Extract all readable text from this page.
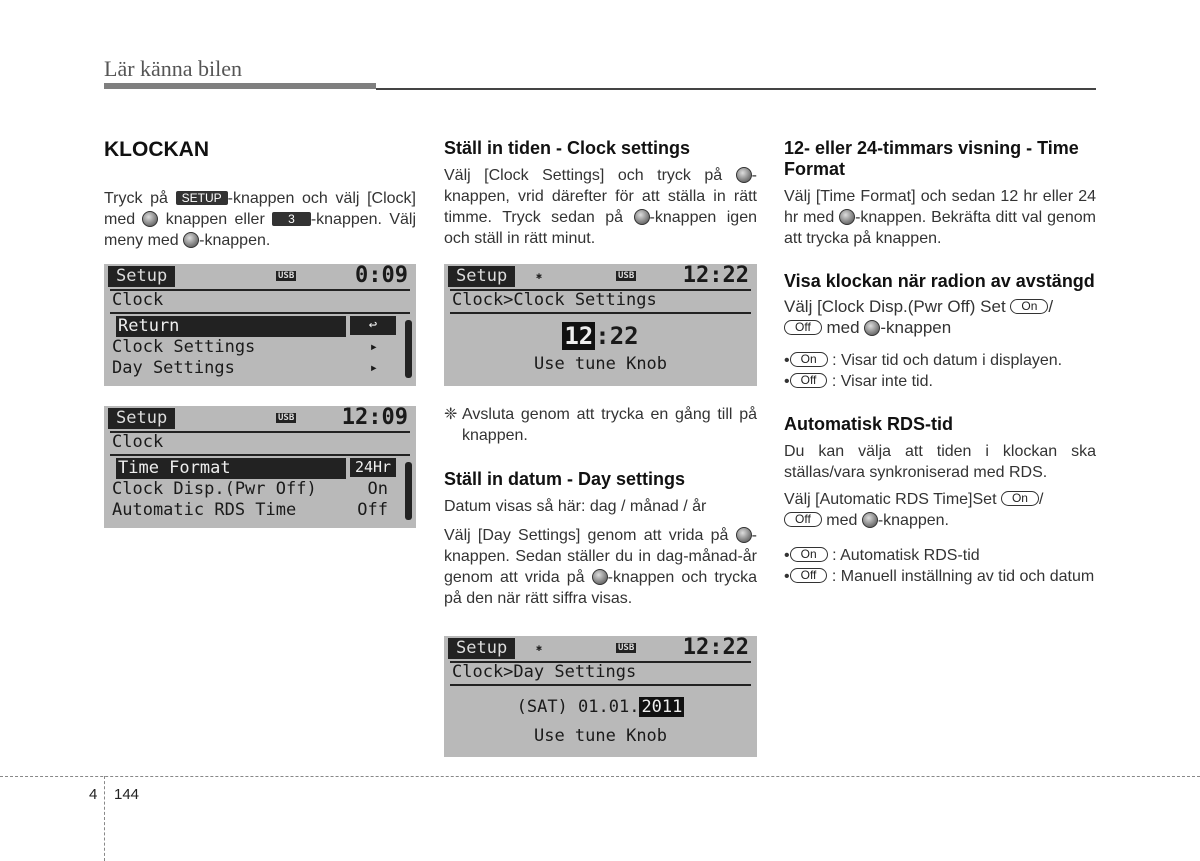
Lär känna bilen
KLOCKAN

Tryck på SETUP -knappen och välj [Clock] med  knappen eller 3 -knappen. Välj meny med -knappen.

Setup	USB	0:09
Clock
Return	↩
Clock Settings	▸
Day Settings	▸
Setup	USB 12:09
Clock
Time Format	24Hr
Clock Disp.(Pwr Off)	On
Automatic RDS Time	Off
Ställ in tiden - Clock settings

Välj [Clock Settings] och tryck på -knappen, vrid därefter för att ställa in rätt timme. Tryck sedan på -knappen igen och ställ in rätt minut.

Setup	✱	USB 12:22
Clock>Clock Settings
12:22
Use tune Knob
❈ Avsluta genom att trycka en gång till på knappen.
Ställ in datum - Day settings

Datum visas så här: dag / månad / år

Välj [Day Settings] genom att vrida på -knappen. Sedan ställer du in dag-månad-år genom att vrida på -knappen och trycka på den när rätt siffra visas.

Setup	✱	USB 12:22
Clock>Day Settings
(SAT) 01.01. 2011
Use tune Knob
12- eller 24-timmars visning - Time Format

Välj [Time Format] och sedan 12 hr eller 24 hr med -knappen. Bekräfta ditt val genom att trycka på knappen.

Visa klockan när radion av avstängd

Välj [Clock Disp.(Pwr Off) Set On /
Off med -knappen

• On : Visar tid och datum i displayen.
• Off : Visar inte tid.
Automatisk RDS-tid

Du kan välja att tiden i klockan ska ställas/vara synkroniserad med RDS.

Välj [Automatic RDS Time]Set On /
Off med -knappen.

• On : Automatisk RDS-tid
• Off : Manuell inställning av tid och datum
4 144
